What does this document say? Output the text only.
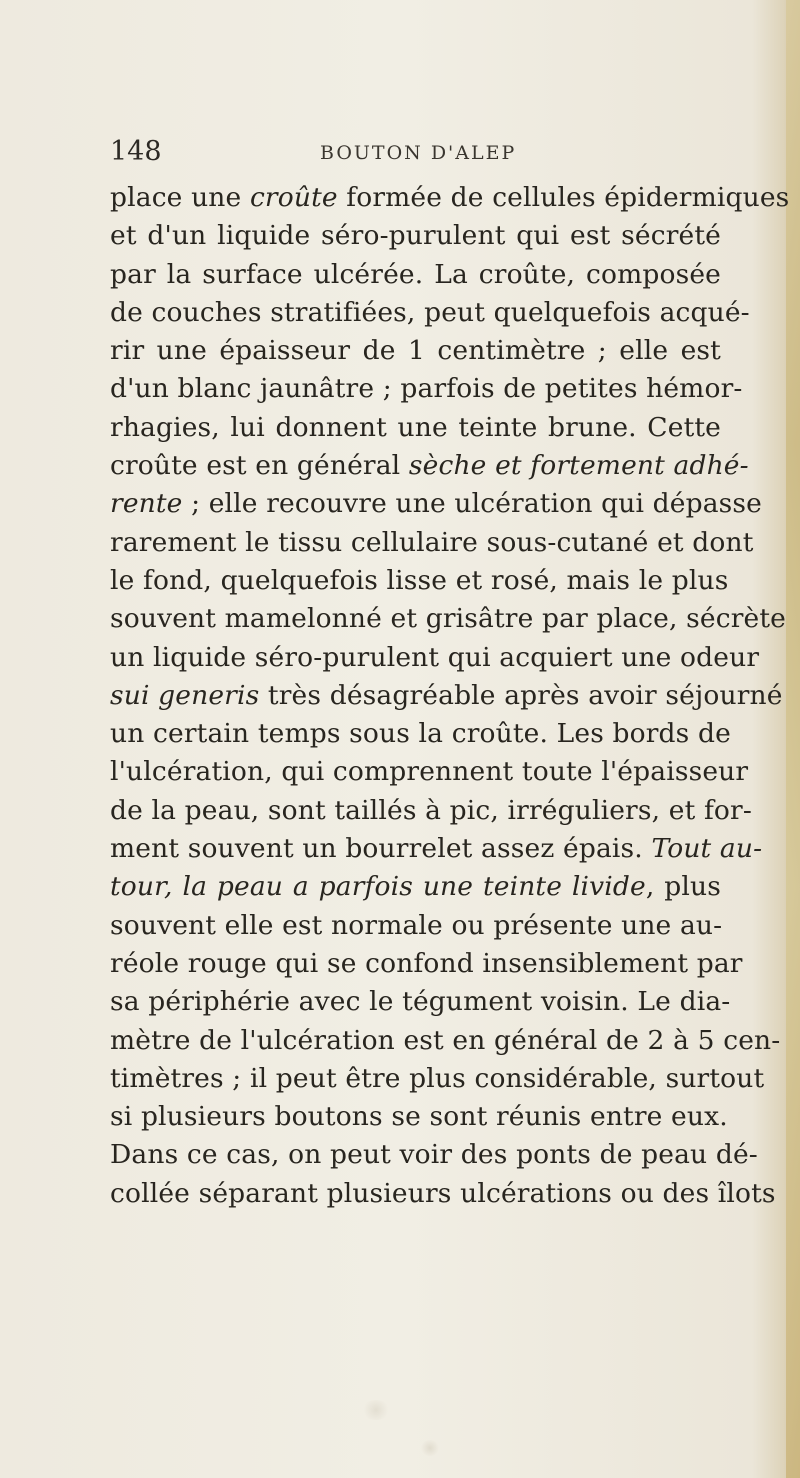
148	BOUTON D'ALEP
place une croûte formée de cellules épidermiques
et d'un liquide séro-purulent qui est sécrété
par la surface ulcérée. La croûte, composée
de couches stratifiées, peut quelquefois acqué-
rir une épaisseur de 1 centimètre ; elle est
d'un blanc jaunâtre ; parfois de petites hémor-
rhagies, lui donnent une teinte brune. Cette
croûte est en général sèche et fortement adhé-
rente ; elle recouvre une ulcération qui dépasse
rarement le tissu cellulaire sous-cutané et dont
le fond, quelquefois lisse et rosé, mais le plus
souvent mamelonné et grisâtre par place, sécrète
un liquide séro-purulent qui acquiert une odeur
sui generis très désagréable après avoir séjourné
un certain temps sous la croûte. Les bords de
l'ulcération, qui comprennent toute l'épaisseur
de la peau, sont taillés à pic, irréguliers, et for-
ment souvent un bourrelet assez épais. Tout au-
tour, la peau a parfois une teinte livide, plus
souvent elle est normale ou présente une au-
réole rouge qui se confond insensiblement par
sa périphérie avec le tégument voisin. Le dia-
mètre de l'ulcération est en général de 2 à 5 cen-
timètres ; il peut être plus considérable, surtout
si plusieurs boutons se sont réunis entre eux.
Dans ce cas, on peut voir des ponts de peau dé-
collée séparant plusieurs ulcérations ou des îlots
